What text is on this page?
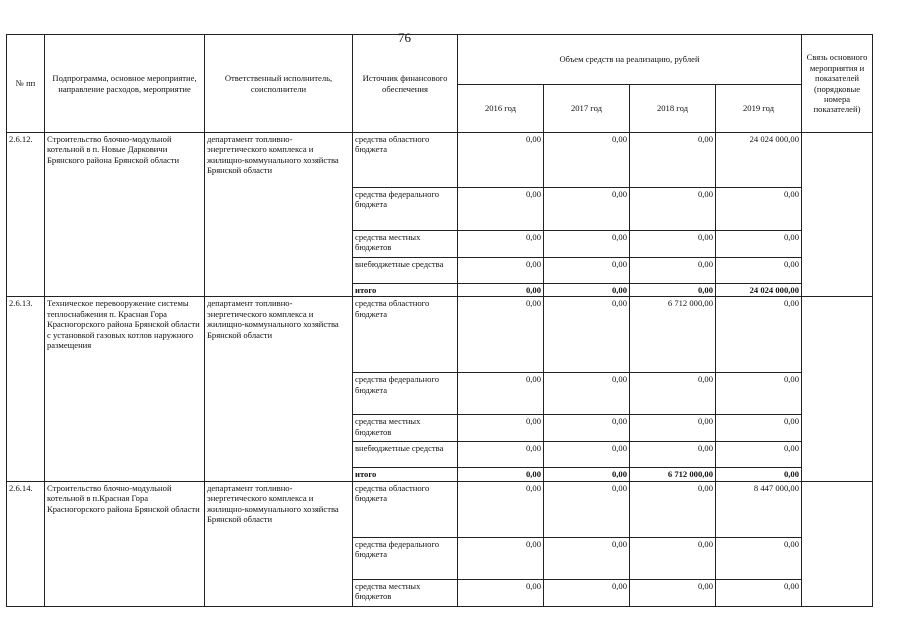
76
№ пп	Подпрограмма, основное мероприятие, направление расходов, мероприятие	Ответственный исполнитель, соисполнители	Источник финансового обеспечения	Объем средств на реализацию, рублей				Связь основного мероприятия и показателей (порядковые номера показателей)
				2016 год	2017 год	2018 год	2019 год	
2.6.12.	Строительство блочно-модульной котельной в п. Новые Дарковичи Брянского района Брянской области	департамент топливно-энергетического комплекса и жилищно-коммунального хозяйства Брянской области	средства областного бюджета	0,00	0,00	0,00	24 024 000,00	
			средства федерального бюджета	0,00	0,00	0,00	0,00	
			средства местных бюджетов	0,00	0,00	0,00	0,00	
			внебюджетные средства	0,00	0,00	0,00	0,00	
			итого	0,00	0,00	0,00	24 024 000,00	
2.6.13.	Техническое перевооружение системы теплоснабжения п. Красная Гора Красногорского района Брянской области с установкой газовых котлов наружного размещения	департамент топливно-энергетического комплекса и жилищно-коммунального хозяйства Брянской области	средства областного бюджета	0,00	0,00	6 712 000,00	0,00	
			средства федерального бюджета	0,00	0,00	0,00	0,00	
			средства местных бюджетов	0,00	0,00	0,00	0,00	
			внебюджетные средства	0,00	0,00	0,00	0,00	
			итого	0,00	0,00	6 712 000,00	0,00	
2.6.14.	Строительство блочно-модульной котельной в п.Красная Гора Красногорского района Брянской области	департамент топливно-энергетического комплекса и жилищно-коммунального хозяйства Брянской области	средства областного бюджета	0,00	0,00	0,00	8 447 000,00	
			средства федерального бюджета	0,00	0,00	0,00	0,00	
			средства местных бюджетов	0,00	0,00	0,00	0,00	
